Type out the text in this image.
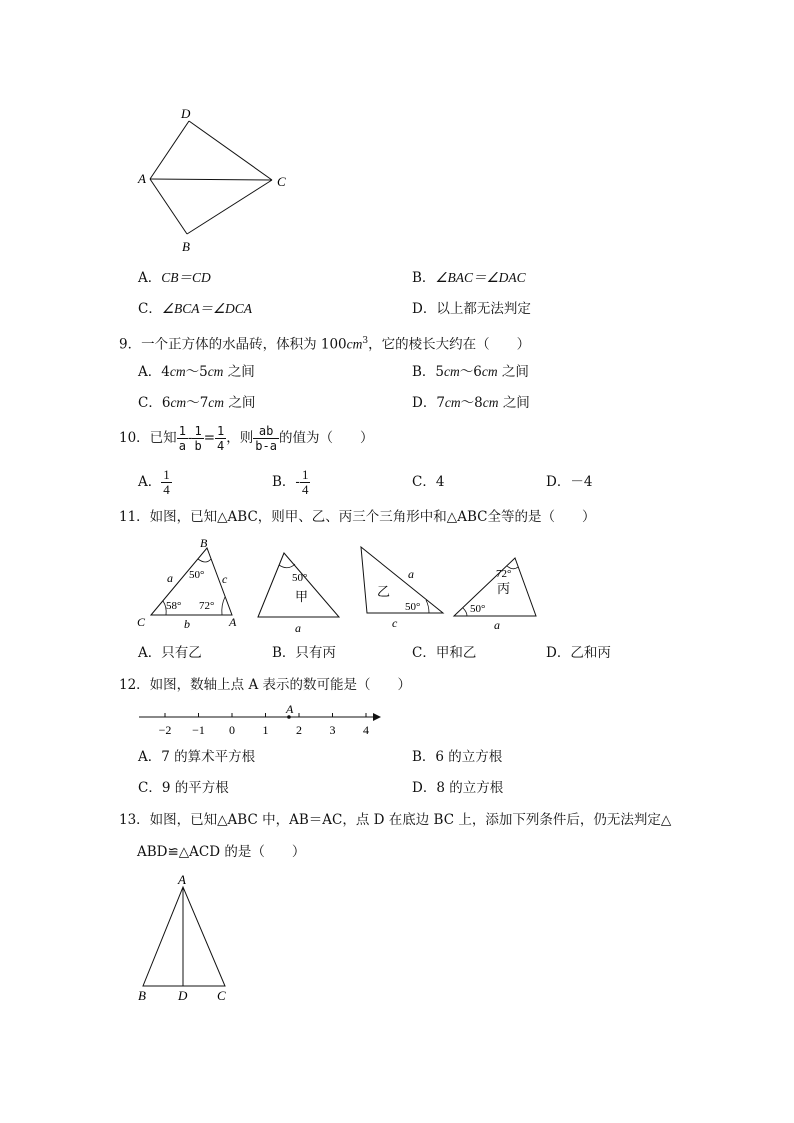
D
A	C
B
A．CB＝CD	B．∠BAC＝∠DAC
C．∠BCA＝∠DCA	D．以上都无法判定
9．一个正方体的水晶砖，体积为 $100cm^3$，它的棱长大约在（　　）
A．4cm～5cm 之间	B．5cm～6cm 之间
C．6cm～7cm 之间	D．7cm～8cm 之间
10．已知 $\frac{1}{a} - \frac{1}{b} = \frac{1}{4}$ ，则 $\frac{ab}{b-a}$ 的值为（　　）
A． $\frac{1}{4}$	B．- $\frac{1}{4}$	C．4	D．－4
11．如图，已知△ABC，则甲、乙、丙三个三角形中和△ABC全等的是（　　）
B
C	A
a	c
b
50°
58° 72°
50°
甲
a
乙
a
50°
c
72°
丙
50°
a
A．只有乙	B．只有丙	C．甲和乙	D．乙和丙
12．如图，数轴上点 A 表示的数可能是（　　）
−2 −1 0 1 2 3 4
A
A．7 的算术平方根	B．6 的立方根
C．9 的平方根	D．8 的立方根
13．如图，已知△ABC 中，AB＝AC，点 D 在底边 BC 上，添加下列条件后，仍无法判定△
ABD≌△ACD 的是（　　）
A
B D C
